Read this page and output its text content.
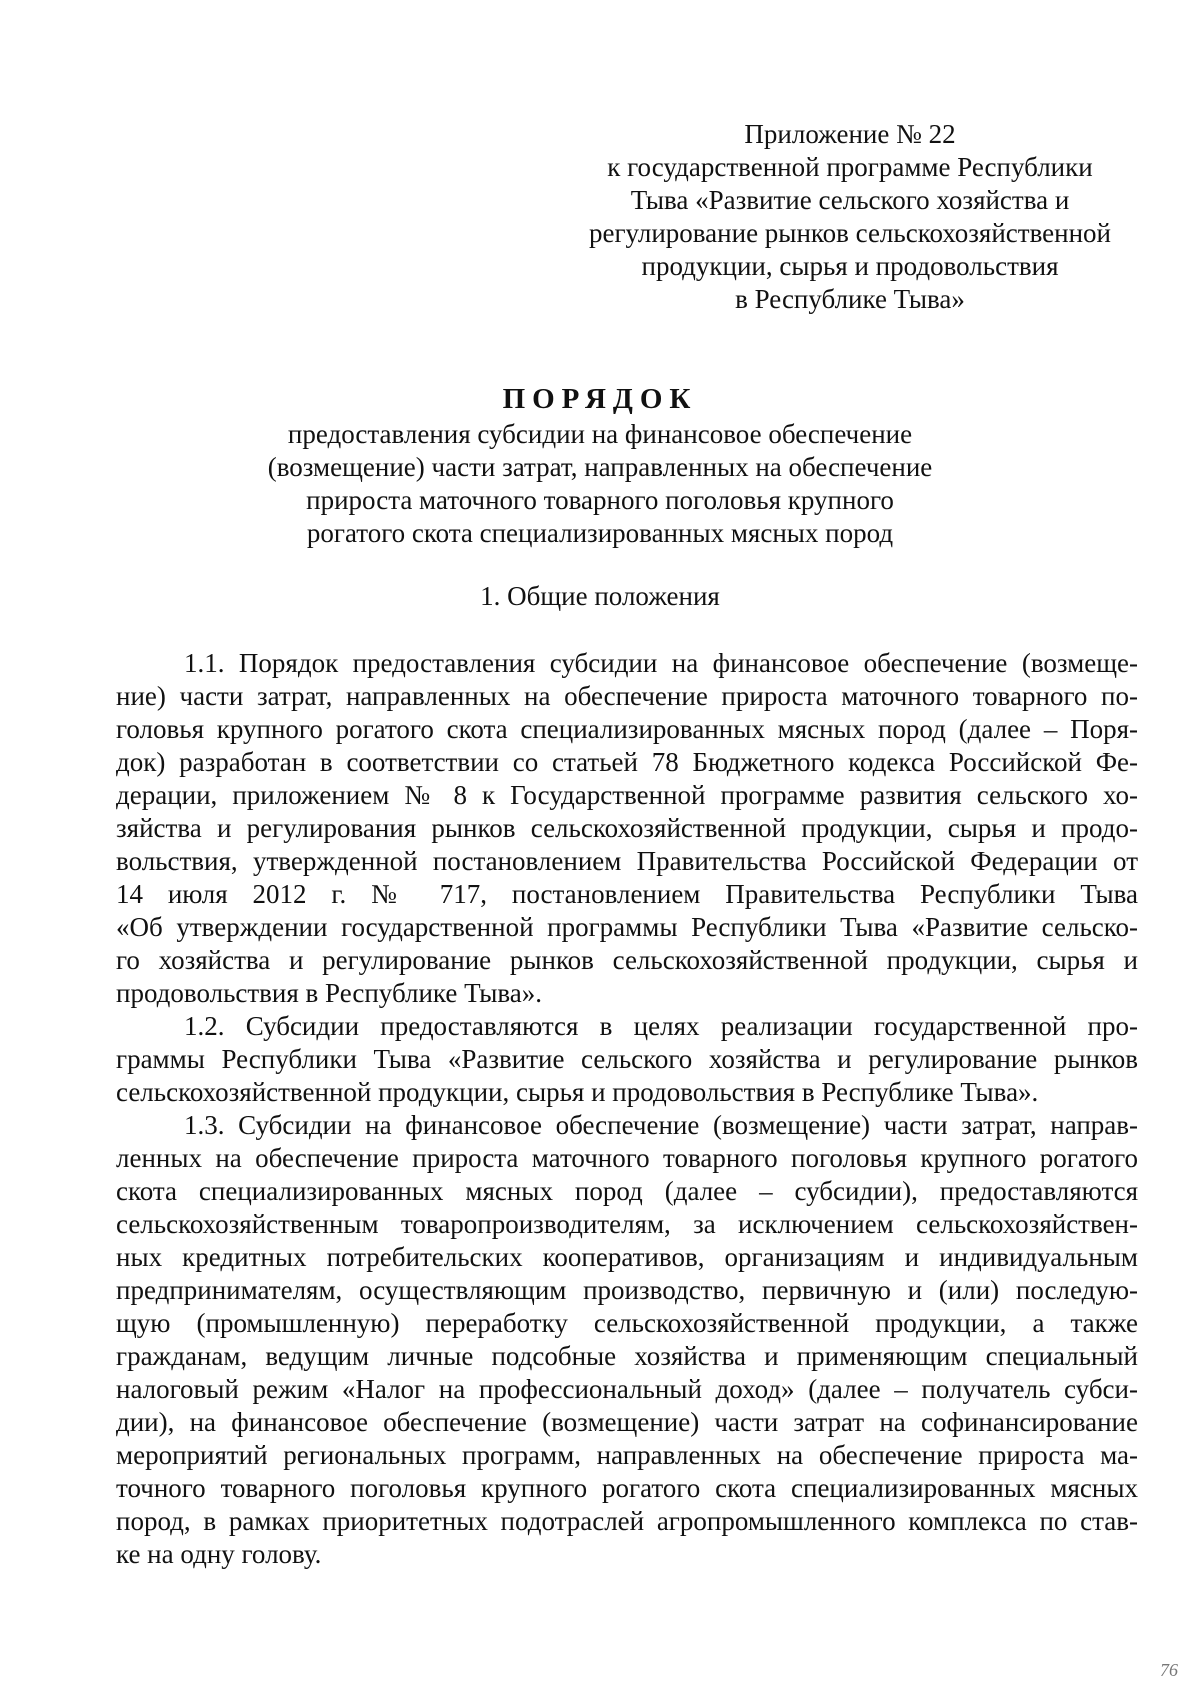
Приложение № 22
к государственной программе Республики
Тыва «Развитие сельского хозяйства и
регулирование рынков сельскохозяйственной
продукции, сырья и продовольствия
в Республике Тыва»
ПОРЯДОК
предоставления субсидии на финансовое обеспечение
(возмещение) части затрат, направленных на обеспечение
прироста маточного товарного поголовья крупного
рогатого скота специализированных мясных пород
1. Общие положения
1.1. Порядок предоставления субсидии на финансовое обеспечение (возмеще-
ние) части затрат, направленных на обеспечение прироста маточного товарного по-
головья крупного рогатого скота специализированных мясных пород (далее – Поря-
док) разработан в соответствии со статьей 78 Бюджетного кодекса Российской Фе-
дерации, приложением № 8 к Государственной программе развития сельского хо-
зяйства и регулирования рынков сельскохозяйственной продукции, сырья и продо-
вольствия, утвержденной постановлением Правительства Российской Федерации от
14 июля 2012 г. № 717, постановлением Правительства Республики Тыва
«Об утверждении государственной программы Республики Тыва «Развитие сельско-
го хозяйства и регулирование рынков сельскохозяйственной продукции, сырья и
продовольствия в Республике Тыва».
1.2. Субсидии предоставляются в целях реализации государственной про-
граммы Республики Тыва «Развитие сельского хозяйства и регулирование рынков
сельскохозяйственной продукции, сырья и продовольствия в Республике Тыва».
1.3. Субсидии на финансовое обеспечение (возмещение) части затрат, направ-
ленных на обеспечение прироста маточного товарного поголовья крупного рогатого
скота специализированных мясных пород (далее – субсидии), предоставляются
сельскохозяйственным товаропроизводителям, за исключением сельскохозяйствен-
ных кредитных потребительских кооперативов, организациям и индивидуальным
предпринимателям, осуществляющим производство, первичную и (или) последую-
щую (промышленную) переработку сельскохозяйственной продукции, а также
гражданам, ведущим личные подсобные хозяйства и применяющим специальный
налоговый режим «Налог на профессиональный доход» (далее – получатель субси-
дии), на финансовое обеспечение (возмещение) части затрат на софинансирование
мероприятий региональных программ, направленных на обеспечение прироста ма-
точного товарного поголовья крупного рогатого скота специализированных мясных
пород, в рамках приоритетных подотраслей агропромышленного комплекса по став-
ке на одну голову.
76
